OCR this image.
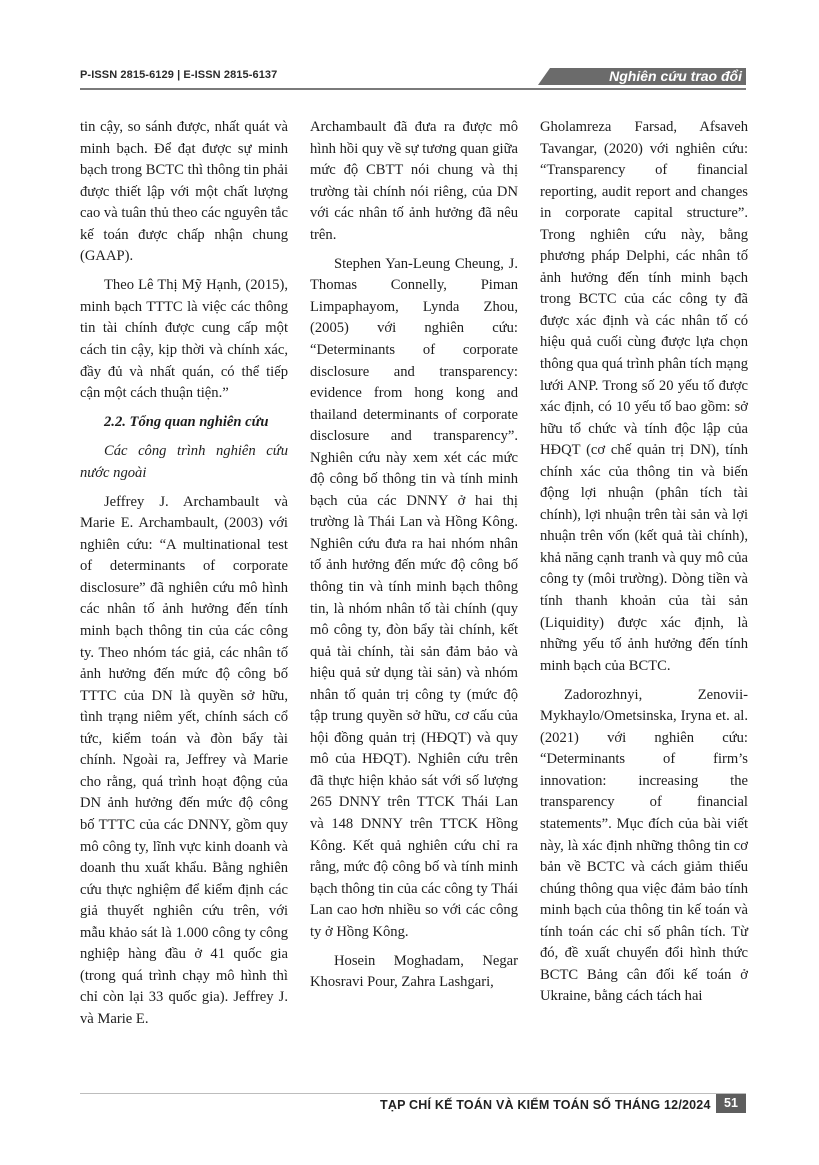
P-ISSN 2815-6129 | E-ISSN 2815-6137	Nghiên cứu trao đổi

tin cậy, so sánh được, nhất quát và minh bạch. Để đạt được sự minh bạch trong BCTC thì thông tin phải được thiết lập với một chất lượng cao và tuân thủ theo các nguyên tắc kế toán được chấp nhận chung (GAAP).

Theo Lê Thị Mỹ Hạnh, (2015), minh bạch TTTC là việc các thông tin tài chính được cung cấp một cách tin cậy, kịp thời và chính xác, đầy đủ và nhất quán, có thể tiếp cận một cách thuận tiện.”

2.2. Tổng quan nghiên cứu

Các công trình nghiên cứu nước ngoài

Jeffrey J. Archambault và Marie E. Archambault, (2003) với nghiên cứu: “A multinational test of determinants of corporate disclosure” đã nghiên cứu mô hình các nhân tố ảnh hưởng đến tính minh bạch thông tin của các công ty. Theo nhóm tác giả, các nhân tố ảnh hưởng đến mức độ công bố TTTC của DN là quyền sở hữu, tình trạng niêm yết, chính sách cổ tức, kiểm toán và đòn bẩy tài chính. Ngoài ra, Jeffrey và Marie cho rằng, quá trình hoạt động của DN ảnh hưởng đến mức độ công bố TTTC của các DNNY, gồm quy mô công ty, lĩnh vực kinh doanh và doanh thu xuất khẩu. Bằng nghiên cứu thực nghiệm để kiểm định các giả thuyết nghiên cứu trên, với mẫu khảo sát là 1.000 công ty công nghiệp hàng đầu ở 41 quốc gia (trong quá trình chạy mô hình thì chỉ còn lại 33 quốc gia). Jeffrey J. và Marie E.

Archambault đã đưa ra được mô hình hồi quy về sự tương quan giữa mức độ CBTT nói chung và thị trường tài chính nói riêng, của DN với các nhân tố ảnh hưởng đã nêu trên.

Stephen Yan-Leung Cheung, J. Thomas Connelly, Piman Limpaphayom, Lynda Zhou, (2005) với nghiên cứu: “Determinants of corporate disclosure and transparency: evidence from hong kong and thailand determinants of corporate disclosure and transparency”. Nghiên cứu này xem xét các mức độ công bố thông tin và tính minh bạch của các DNNY ở hai thị trường là Thái Lan và Hồng Kông. Nghiên cứu đưa ra hai nhóm nhân tố ảnh hưởng đến mức độ công bố thông tin và tính minh bạch thông tin, là nhóm nhân tố tài chính (quy mô công ty, đòn bẩy tài chính, kết quả tài chính, tài sản đảm bảo và hiệu quả sử dụng tài sản) và nhóm nhân tố quản trị công ty (mức độ tập trung quyền sở hữu, cơ cấu của hội đồng quản trị (HĐQT) và quy mô của HĐQT). Nghiên cứu trên đã thực hiện khảo sát với số lượng 265 DNNY trên TTCK Thái Lan và 148 DNNY trên TTCK Hồng Kông. Kết quả nghiên cứu chỉ ra rằng, mức độ công bố và tính minh bạch thông tin của các công ty Thái Lan cao hơn nhiều so với các công ty ở Hồng Kông.

Hosein Moghadam, Negar Khosravi Pour, Zahra Lashgari,

Gholamreza Farsad, Afsaveh Tavangar, (2020) với nghiên cứu: “Transparency of financial reporting, audit report and changes in corporate capital structure”. Trong nghiên cứu này, bằng phương pháp Delphi, các nhân tố ảnh hưởng đến tính minh bạch trong BCTC của các công ty đã được xác định và các nhân tố có hiệu quả cuối cùng được lựa chọn thông qua quá trình phân tích mạng lưới ANP. Trong số 20 yếu tố được xác định, có 10 yếu tố bao gồm: sở hữu tổ chức và tính độc lập của HĐQT (cơ chế quản trị DN), tính chính xác của thông tin và biến động lợi nhuận (phân tích tài chính), lợi nhuận trên tài sản và lợi nhuận trên vốn (kết quả tài chính), khả năng cạnh tranh và quy mô của công ty (môi trường). Dòng tiền và tính thanh khoản của tài sản (Liquidity) được xác định, là những yếu tố ảnh hưởng đến tính minh bạch của BCTC.

Zadorozhnyi, Zenovii-Mykhaylo/Ometsinska, Iryna et. al. (2021) với nghiên cứu: “Determinants of firm’s innovation: increasing the transparency of financial statements”. Mục đích của bài viết này, là xác định những thông tin cơ bản về BCTC và cách giảm thiểu chúng thông qua việc đảm bảo tính minh bạch của thông tin kế toán và tính toán các chỉ số phân tích. Từ đó, đề xuất chuyển đổi hình thức BCTC Bảng cân đối kế toán ở Ukraine, bằng cách tách hai

TẠP CHÍ KẾ TOÁN VÀ KIỂM TOÁN SỐ THÁNG 12/2024	51
